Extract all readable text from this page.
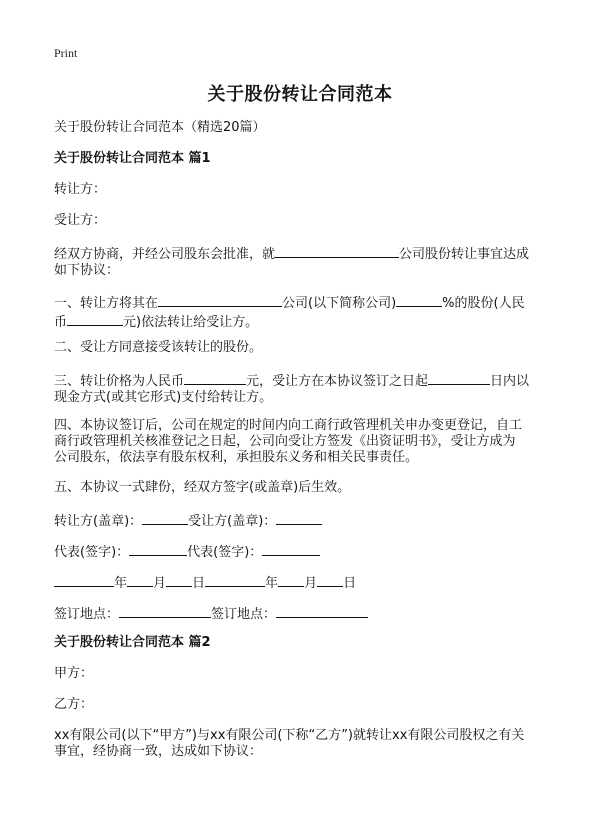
Print
关于股份转让合同范本
关于股份转让合同范本（精选20篇）
关于股份转让合同范本 篇1
转让方：
受让方：
经双方协商，并经公司股东会批准，就	公司股份转让事宜达成
如下协议：
一、转让方将其在	公司(以下简称公司)	%的股份(人民
币	元)依法转让给受让方。
二、受让方同意接受该转让的股份。
三、转让价格为人民币	元，受让方在本协议签订之日起	日内以
现金方式(或其它形式)支付给转让方。
四、本协议签订后，公司在规定的时间内向工商行政管理机关申办变更登记，自工
商行政管理机关核准登记之日起，公司向受让方签发《出资证明书》，受让方成为
公司股东，依法享有股东权利，承担股东义务和相关民事责任。
五、本协议一式肆份，经双方签字(或盖章)后生效。
转让方(盖章)：	受让方(盖章)：
代表(签字)：	代表(签字)：
年 月 日	年 月 日
签订地点：	签订地点：
关于股份转让合同范本 篇2
甲方：
乙方：
xx有限公司(以下“甲方”)与xx有限公司(下称“乙方”)就转让xx有限公司股权之有关
事宜，经协商一致，达成如下协议：
